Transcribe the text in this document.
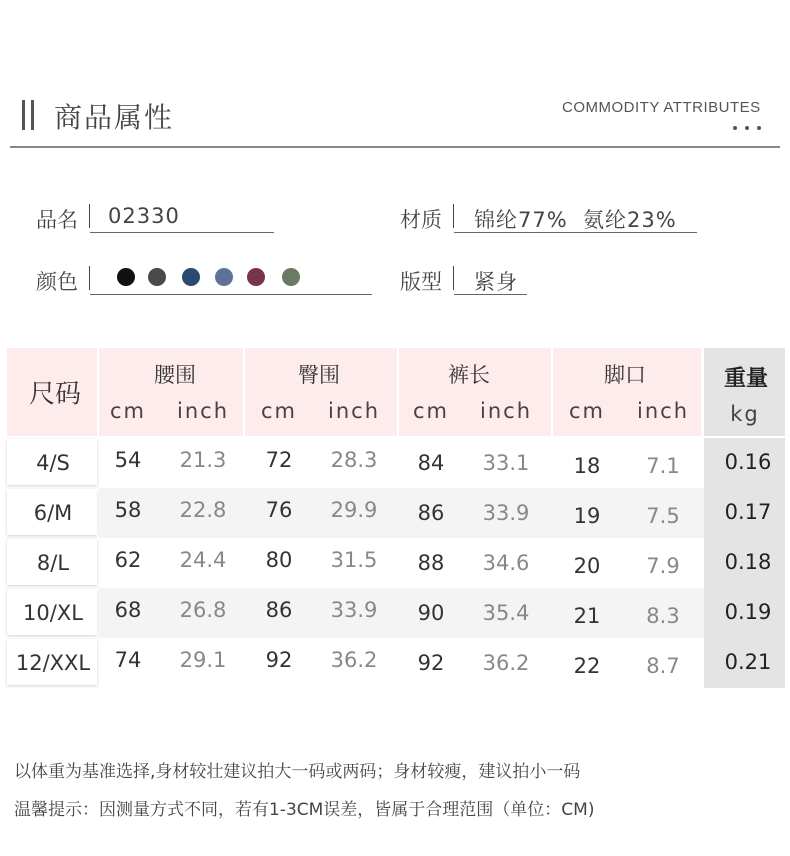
商品属性	COMMODITY ATTRIBUTES
品名 02330	材质 锦纶77%  氨纶23%
颜色	版型 紧身
尺码
腰围
cm inch
臀围
cm inch
裤长
cm inch
脚口
cm inch
重量
kg
4/S 54 21.3 72 28.3 84 33.1 18 7.1 0.16
6/M 58 22.8 76 29.9 86 33.9 19 7.5 0.17
8/L 62 24.4 80 31.5 88 34.6 20 7.9 0.18
10/XL 68 26.8 86 33.9 90 35.4 21 8.3 0.19
12/XXL 74 29.1 92 36.2 92 36.2 22 8.7 0.21
以体重为基准选择,身材较壮建议拍大一码或两码；身材较瘦，建议拍小一码
温馨提示：因测量方式不同，若有1-3CM误差，皆属于合理范围（单位：CM)
